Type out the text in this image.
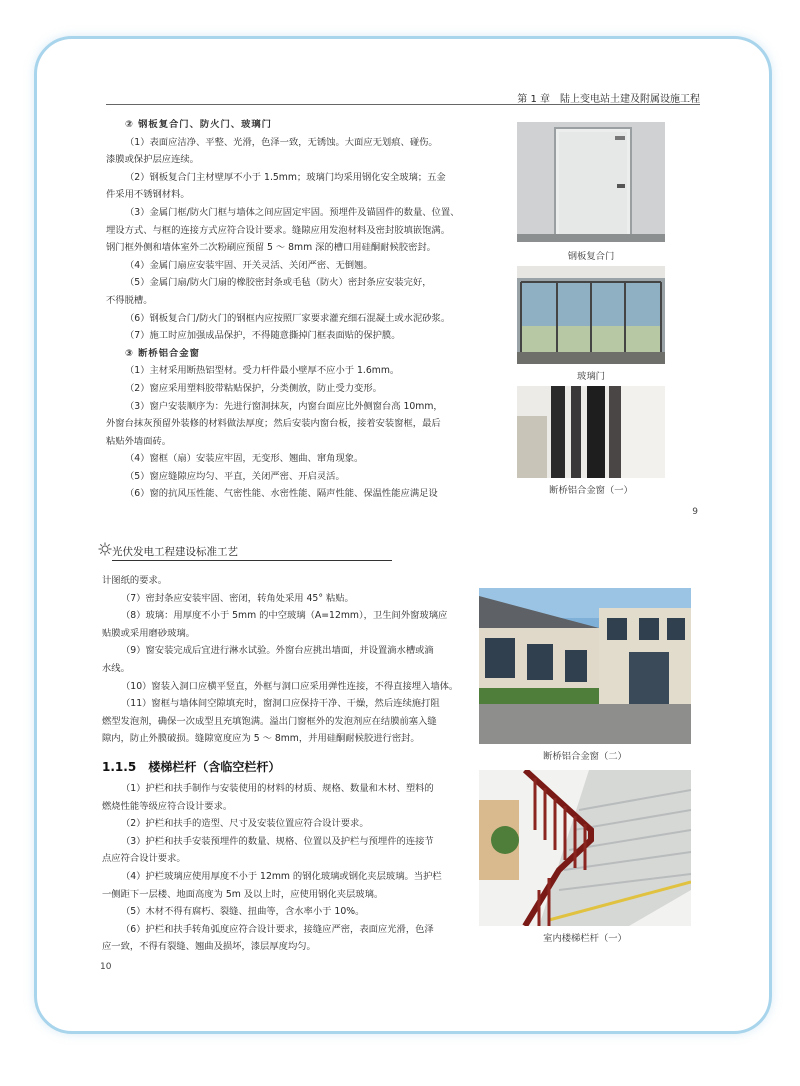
第 1 章　陆上变电站土建及附属设施工程

② 钢板复合门、防火门、玻璃门

（1）表面应洁净、平整、光滑，色泽一致，无锈蚀。大面应无划痕、碰伤。

漆膜或保护层应连续。

（2）钢板复合门主材壁厚不小于 1.5mm；玻璃门均采用钢化安全玻璃；五金

件采用不锈钢材料。

（3）金属门框/防火门框与墙体之间应固定牢固。预埋件及锚固件的数量、位置、

埋设方式、与框的连接方式应符合设计要求。缝隙应用发泡材料及密封胶填嵌饱满。

钢门框外侧和墙体室外二次粉刷应预留 5 ～ 8mm 深的槽口用硅酮耐候胶密封。

（4）金属门扇应安装牢固、开关灵活、关闭严密、无倒翘。

（5）金属门扇/防火门扇的橡胶密封条或毛毡（防火）密封条应安装完好，

不得脱槽。

（6）钢板复合门/防火门的钢框内应按照厂家要求灌充细石混凝土或水泥砂浆。

（7）施工时应加强成品保护，不得随意撕掉门框表面贴的保护膜。

③ 断桥铝合金窗

（1）主材采用断热铝型材。受力杆件最小壁厚不应小于 1.6mm。

（2）窗应采用塑料胶带粘贴保护，分类侧放，防止受力变形。

（3）窗户安装顺序为：先进行窗洞抹灰，内窗台面应比外侧窗台高 10mm，

外窗台抹灰预留外装修的材料做法厚度；然后安装内窗台板，接着安装窗框，最后

粘贴外墙面砖。

（4）窗框（扇）安装应牢固，无变形、翘曲、窜角现象。

（5）窗应缝隙应均匀、平直，关闭严密、开启灵活。

（6）窗的抗风压性能、气密性能、水密性能、隔声性能、保温性能应满足设

钢板复合门
玻璃门
断桥铝合金窗（一）
9
光伏发电工程建设标准工艺

计图纸的要求。

（7）密封条应安装牢固、密闭，转角处采用 45° 粘贴。

（8）玻璃：用厚度不小于 5mm 的中空玻璃（A=12mm），卫生间外窗玻璃应

贴膜或采用磨砂玻璃。

（9）窗安装完成后宜进行淋水试验。外窗台应挑出墙面，并设置滴水槽或滴

水线。

（10）窗装入洞口应横平竖直，外框与洞口应采用弹性连接，不得直接埋入墙体。

（11）窗框与墙体间空隙填充时，窗洞口应保持干净、干燥，然后连续施打阻

燃型发泡剂，确保一次成型且充填饱满。溢出门窗框外的发泡剂应在结膜前塞入缝

隙内，防止外膜破损。缝隙宽度应为 5 ～ 8mm，并用硅酮耐候胶进行密封。

1.1.5 楼梯栏杆（含临空栏杆）

（1）护栏和扶手制作与安装使用的材料的材质、规格、数量和木材、塑料的

燃烧性能等级应符合设计要求。

（2）护栏和扶手的造型、尺寸及安装位置应符合设计要求。

（3）护栏和扶手安装预埋件的数量、规格、位置以及护栏与预埋件的连接节

点应符合设计要求。

（4）护栏玻璃应使用厚度不小于 12mm 的钢化玻璃或钢化夹层玻璃。当护栏

一侧距下一层楼、地面高度为 5m 及以上时，应使用钢化夹层玻璃。

（5）木材不得有腐朽、裂缝、扭曲等，含水率小于 10%。

（6）护栏和扶手转角弧度应符合设计要求，接缝应严密，表面应光滑，色泽

应一致，不得有裂缝、翘曲及损坏，漆层厚度均匀。

断桥铝合金窗（二）
室内楼梯栏杆（一）
10
